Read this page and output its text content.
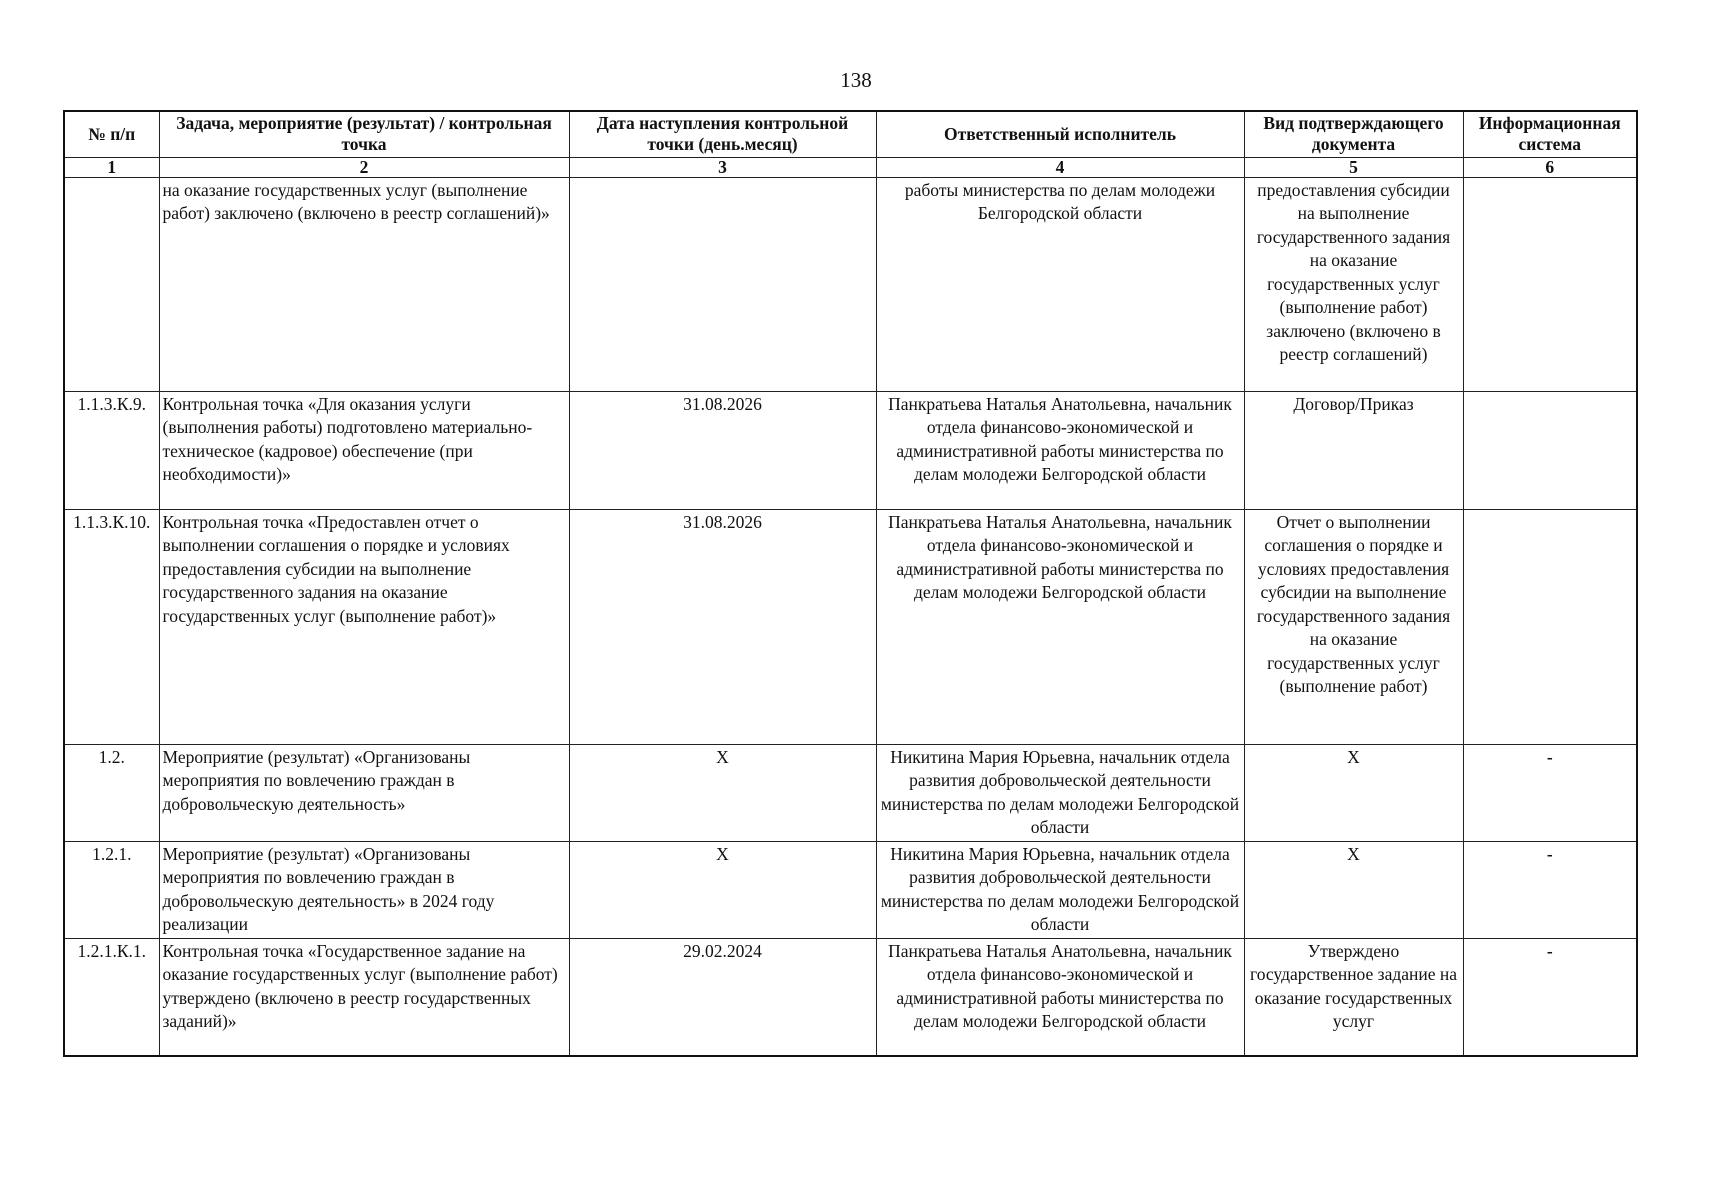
138
№ п/п	Задача, мероприятие (результат) / контрольная точка	Дата наступления контрольной точки (день.месяц)	Ответственный исполнитель	Вид подтверждающего документа	Информационная система
1	2	3	4	5	6
	на оказание государственных услуг (выполнение работ) заключено (включено в реестр соглашений)»		работы министерства по делам молодежи Белгородской области	предоставления субсидии на выполнение государственного задания на оказание государственных услуг (выполнение работ) заключено (включено в реестр соглашений)	
1.1.3.К.9.	Контрольная точка «Для оказания услуги (выполнения работы) подготовлено материально-техническое (кадровое) обеспечение (при необходимости)»	31.08.2026	Панкратьева Наталья Анатольевна, начальник отдела финансово-экономической и административной работы министерства по делам молодежи Белгородской области	Договор/Приказ	
1.1.3.К.10.	Контрольная точка «Предоставлен отчет о выполнении соглашения о порядке и условиях предоставления субсидии на выполнение государственного задания на оказание государственных услуг (выполнение работ)»	31.08.2026	Панкратьева Наталья Анатольевна, начальник отдела финансово-экономической и административной работы министерства по делам молодежи Белгородской области	Отчет о выполнении соглашения о порядке и условиях предоставления субсидии на выполнение государственного задания на оказание государственных услуг (выполнение работ)	
1.2.	Мероприятие (результат) «Организованы мероприятия по вовлечению граждан в добровольческую деятельность»	X	Никитина Мария Юрьевна, начальник отдела развития добровольческой деятельности министерства по делам молодежи Белгородской области	X	-
1.2.1.	Мероприятие (результат) «Организованы мероприятия по вовлечению граждан в добровольческую деятельность» в 2024 году реализации	X	Никитина Мария Юрьевна, начальник отдела развития добровольческой деятельности министерства по делам молодежи Белгородской области	X	-
1.2.1.К.1.	Контрольная точка «Государственное задание на оказание государственных услуг (выполнение работ) утверждено (включено в реестр государственных заданий)»	29.02.2024	Панкратьева Наталья Анатольевна, начальник отдела финансово-экономической и административной работы министерства по делам молодежи Белгородской области	Утверждено государственное задание на оказание государственных услуг	-
